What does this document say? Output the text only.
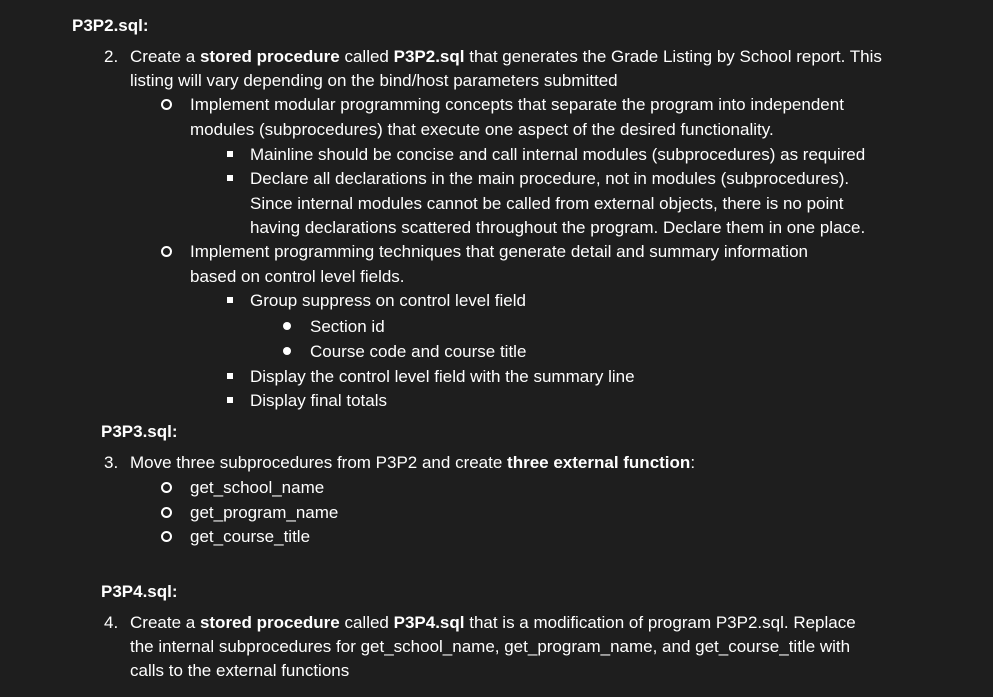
P3P2.sql:
2. Create a stored procedure called P3P2.sql that generates the Grade Listing by School report. This
listing will vary depending on the bind/host parameters submitted
Implement modular programming concepts that separate the program into independent
modules (subprocedures) that execute one aspect of the desired functionality.
Mainline should be concise and call internal modules (subprocedures) as required
Declare all declarations in the main procedure, not in modules (subprocedures).
Since internal modules cannot be called from external objects, there is no point
having declarations scattered throughout the program. Declare them in one place.
Implement programming techniques that generate detail and summary information
based on control level fields.
Group suppress on control level field
Section id
Course code and course title
Display the control level field with the summary line
Display final totals
P3P3.sql:
3. Move three subprocedures from P3P2 and create three external function:
get_school_name
get_program_name
get_course_title
P3P4.sql:
4. Create a stored procedure called P3P4.sql that is a modification of program P3P2.sql. Replace
the internal subprocedures for get_school_name, get_program_name, and get_course_title with
calls to the external functions
